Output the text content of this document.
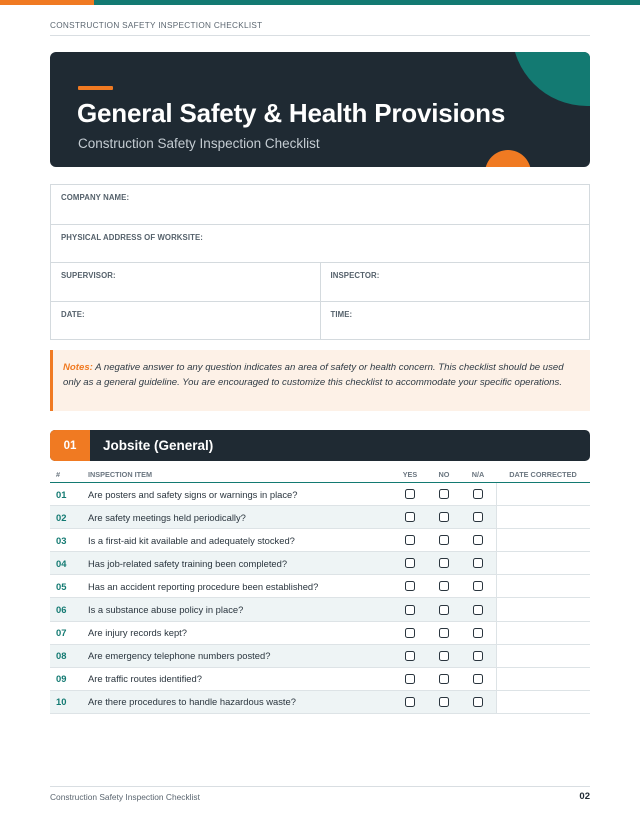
CONSTRUCTION SAFETY INSPECTION CHECKLIST
General Safety & Health Provisions
Construction Safety Inspection Checklist
COMPANY NAME:
PHYSICAL ADDRESS OF WORKSITE:
SUPERVISOR:	INSPECTOR:
DATE:	TIME:
Notes: A negative answer to any question indicates an area of safety or health concern. This checklist should be used only as a general guideline. You are encouraged to customize this checklist to accommodate your specific operations.
01	Jobsite (General)
#	INSPECTION ITEM	YES	NO	N/A	DATE CORRECTED
01	Are posters and safety signs or warnings in place?
02	Are safety meetings held periodically?
03	Is a first-aid kit available and adequately stocked?
04	Has job-related safety training been completed?
05	Has an accident reporting procedure been established?
06	Is a substance abuse policy in place?
07	Are injury records kept?
08	Are emergency telephone numbers posted?
09	Are traffic routes identified?
10	Are there procedures to handle hazardous waste?
Construction Safety Inspection Checklist	02
